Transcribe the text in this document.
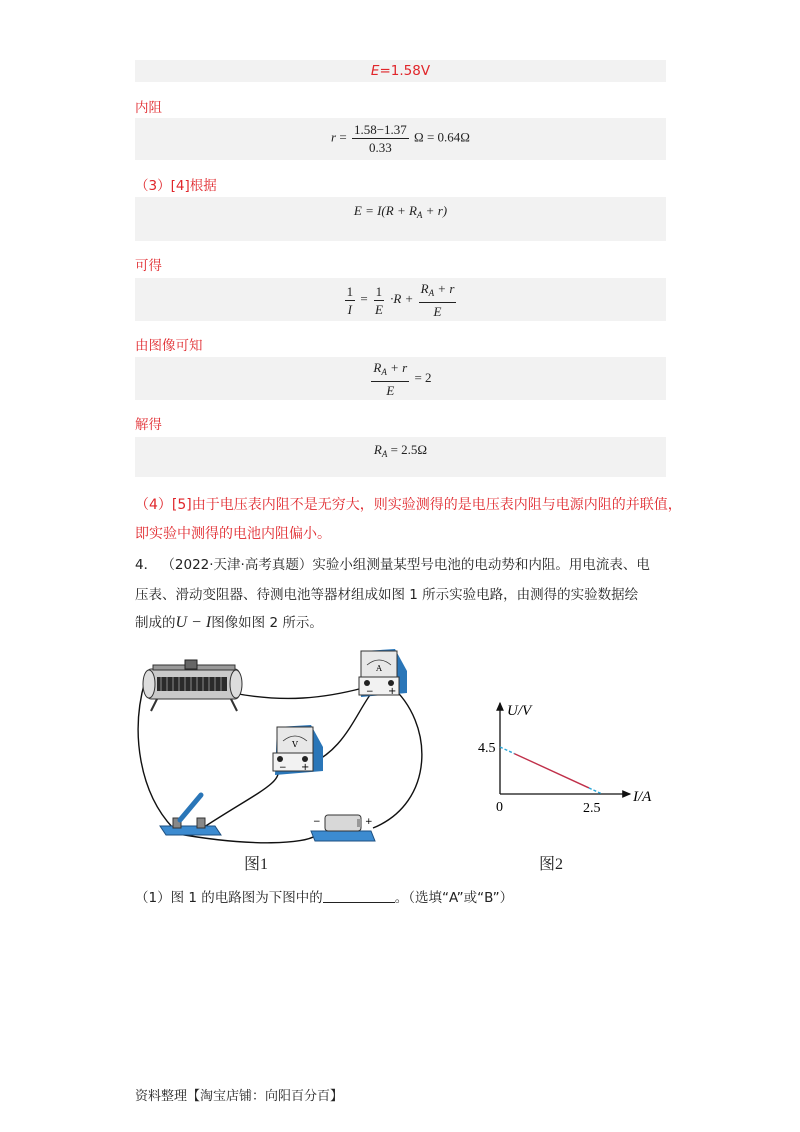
E=1.58V
内阻
$r = \frac{1.58-1.37}{0.33}$ Ω = 0.64Ω
（3）[4]根据
$E = I(R + R_A + r)$
可得
$\frac{1}{I} = \frac{1}{E} \cdot R + \frac{R_A + r}{E}$
由图像可知
$\frac{R_A + r}{E} = 2$
解得
$R_A = 2.5\Omega$
（4）[5]由于电压表内阻不是无穷大，则实验测得的是电压表内阻与电源内阻的并联值，
即实验中测得的电池内阻偏小。
4． （2022·天津·高考真题）实验小组测量某型号电池的电动势和内阻。用电流表、电
压表、滑动变阻器、待测电池等器材组成如图 1 所示实验电路，由测得的实验数据绘
制成的U − I图像如图 2 所示。
A
− +
V
− +
−	+
图1
U/V
I/A
4.5
0	2.5
图2
（1）图 1 的电路图为下图中的	。（选填“A”或“B”）
资料整理【淘宝店铺：向阳百分百】
